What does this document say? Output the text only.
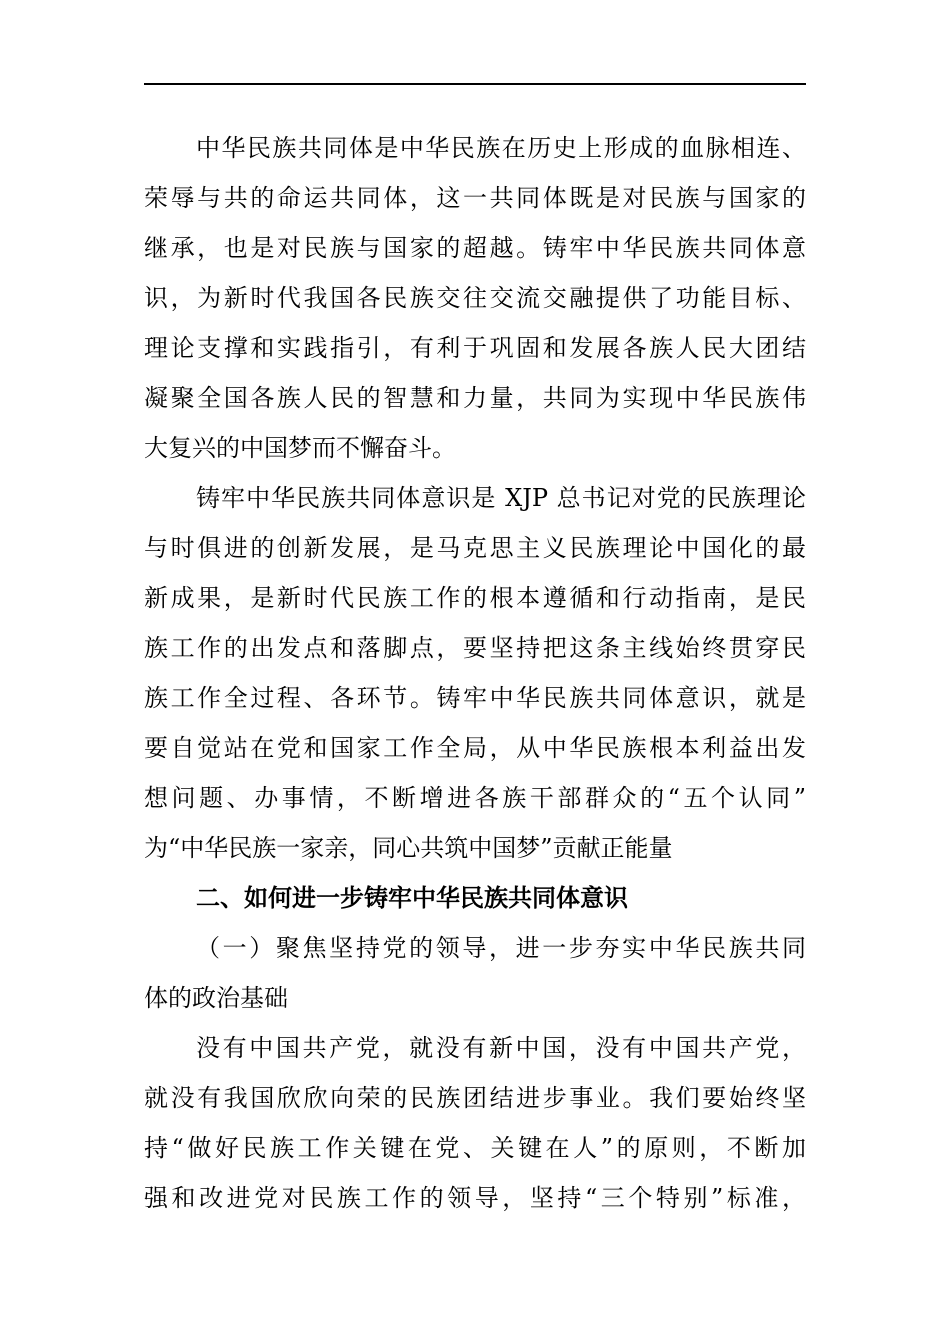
中华民族共同体是中华民族在历史上形成的血脉相连、
荣辱与共的命运共同体，这一共同体既是对民族与国家的
继承，也是对民族与国家的超越。铸牢中华民族共同体意
识，为新时代我国各民族交往交流交融提供了功能目标、
理论支撑和实践指引，有利于巩固和发展各族人民大团结
凝聚全国各族人民的智慧和力量，共同为实现中华民族伟
大复兴的中国梦而不懈奋斗。
铸牢中华民族共同体意识是 XJP 总书记对党的民族理论
与时俱进的创新发展，是马克思主义民族理论中国化的最
新成果，是新时代民族工作的根本遵循和行动指南，是民
族工作的出发点和落脚点，要坚持把这条主线始终贯穿民
族工作全过程、各环节。铸牢中华民族共同体意识，就是
要自觉站在党和国家工作全局，从中华民族根本利益出发
想问题、办事情，不断增进各族干部群众的“五个认同”
为“中华民族一家亲，同心共筑中国梦”贡献正能量
二、如何进一步铸牢中华民族共同体意识
（一）聚焦坚持党的领导，进一步夯实中华民族共同
体的政治基础
没有中国共产党，就没有新中国，没有中国共产党，
就没有我国欣欣向荣的民族团结进步事业。我们要始终坚
持“做好民族工作关键在党、关键在人”的原则，不断加
强和改进党对民族工作的领导，坚持“三个特别”标准，
